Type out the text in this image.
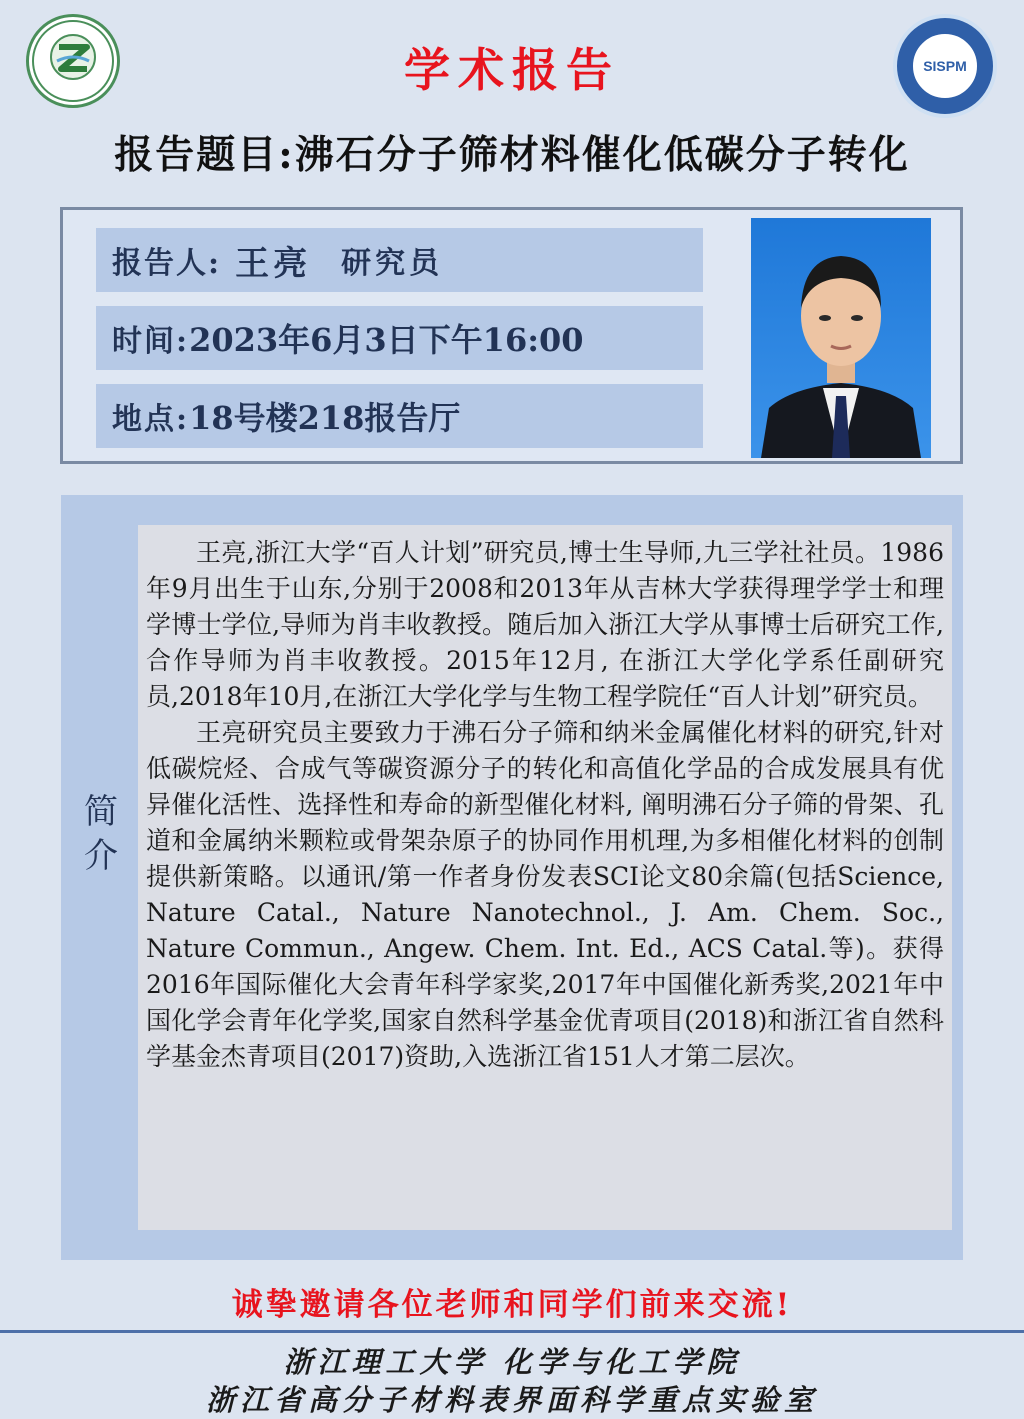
SISPM
学术报告
报告题目:沸石分子筛材料催化低碳分子转化
报告人: 王亮 研究员
时间: 2023年6月3日下午16:00
地点: 18号楼218报告厅
简介

王亮,浙江大学“百人计划”研究员,博士生导师,九三学社社员。1986年9月出生于山东,分别于2008和2013年从吉林大学获得理学学士和理学博士学位,导师为肖丰收教授。随后加入浙江大学从事博士后研究工作,合作导师为肖丰收教授。2015年12月, 在浙江大学化学系任副研究员,2018年10月,在浙江大学化学与生物工程学院任“百人计划”研究员。

王亮研究员主要致力于沸石分子筛和纳米金属催化材料的研究,针对低碳烷烃、合成气等碳资源分子的转化和高值化学品的合成发展具有优异催化活性、选择性和寿命的新型催化材料, 阐明沸石分子筛的骨架、孔道和金属纳米颗粒或骨架杂原子的协同作用机理,为多相催化材料的创制提供新策略。以通讯/第一作者身份发表SCI论文80余篇(包括Science, Nature Catal., Nature Nanotechnol., J. Am. Chem. Soc., Nature Commun., Angew. Chem. Int. Ed., ACS Catal.等)。获得2016年国际催化大会青年科学家奖,2017年中国催化新秀奖,2021年中国化学会青年化学奖,国家自然科学基金优青项目(2018)和浙江省自然科学基金杰青项目(2017)资助,入选浙江省151人才第二层次。

诚挚邀请各位老师和同学们前来交流!
浙江理工大学 化学与化工学院
浙江省高分子材料表界面科学重点实验室
